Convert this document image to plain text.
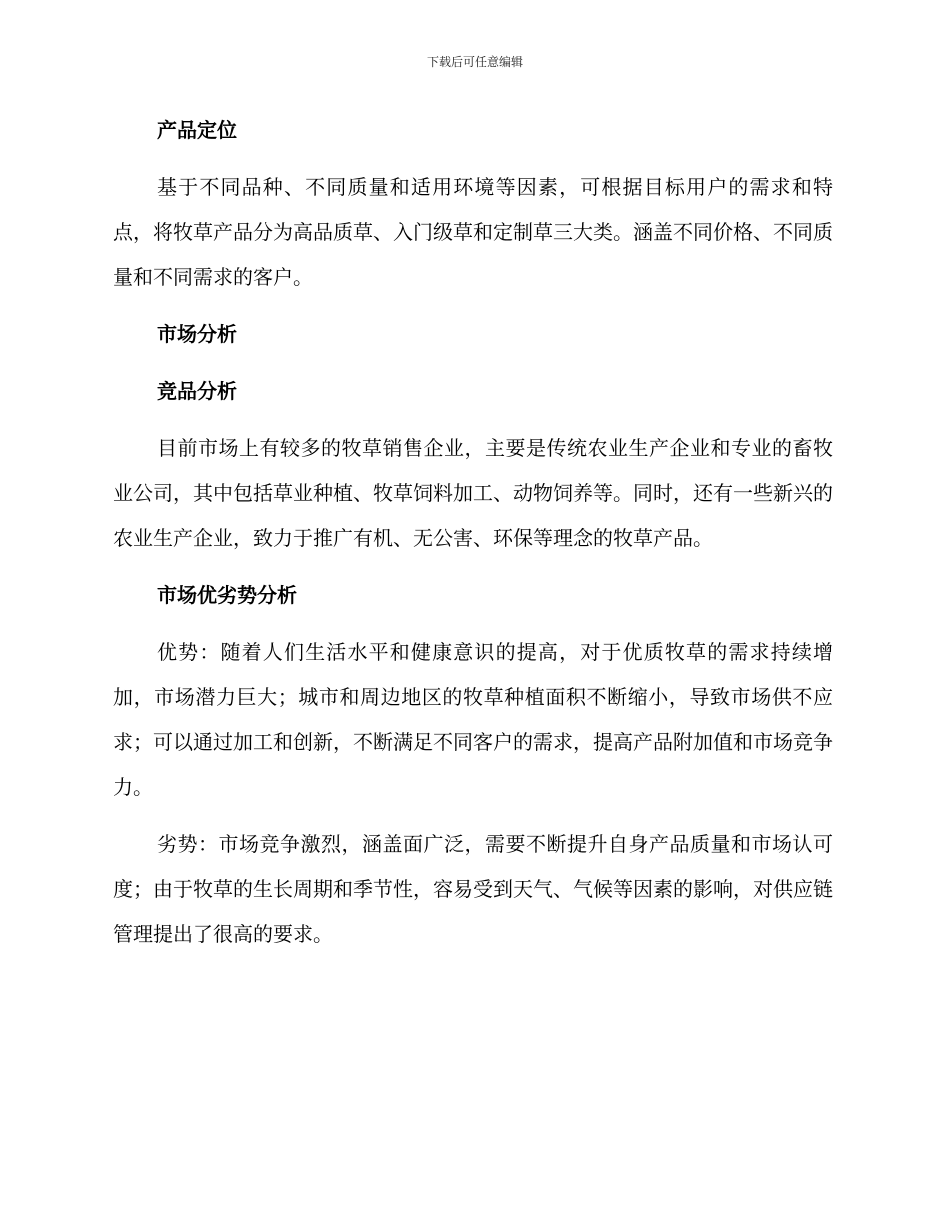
下载后可任意编辑
产品定位

基于不同品种、不同质量和适用环境等因素，可根据目标用户的需求和特点，将牧草产品分为高品质草、入门级草和定制草三大类。涵盖不同价格、不同质量和不同需求的客户。

市场分析
竞品分析

目前市场上有较多的牧草销售企业，主要是传统农业生产企业和专业的畜牧业公司，其中包括草业种植、牧草饲料加工、动物饲养等。同时，还有一些新兴的农业生产企业，致力于推广有机、无公害、环保等理念的牧草产品。

市场优劣势分析

优势：随着人们生活水平和健康意识的提高，对于优质牧草的需求持续增加，市场潜力巨大；城市和周边地区的牧草种植面积不断缩小，导致市场供不应求；可以通过加工和创新，不断满足不同客户的需求，提高产品附加值和市场竞争力。

劣势：市场竞争激烈，涵盖面广泛，需要不断提升自身产品质量和市场认可度；由于牧草的生长周期和季节性，容易受到天气、气候等因素的影响，对供应链管理提出了很高的要求。
